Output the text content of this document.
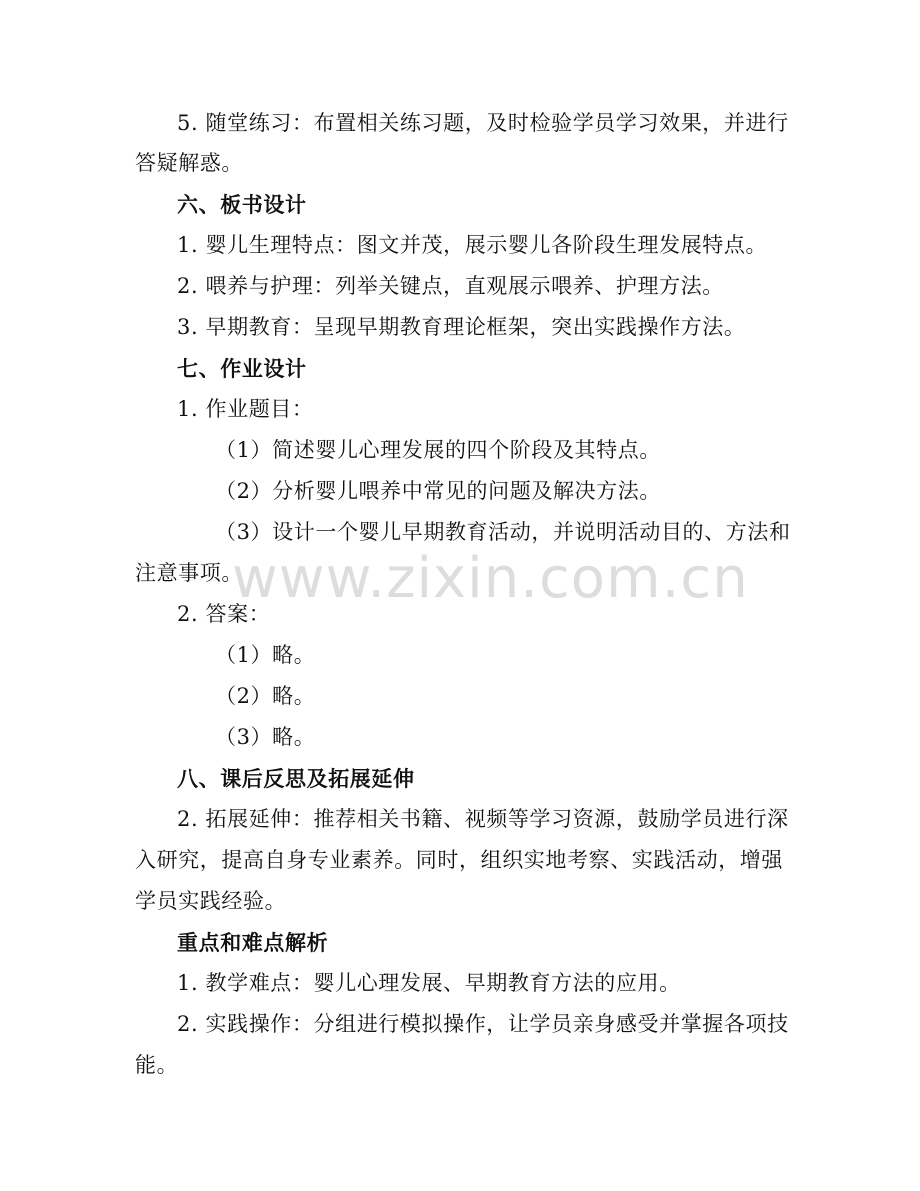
5. 随堂练习：布置相关练习题，及时检验学员学习效果，并进行
答疑解惑。
六、板书设计
1. 婴儿生理特点：图文并茂，展示婴儿各阶段生理发展特点。
2. 喂养与护理：列举关键点，直观展示喂养、护理方法。
3. 早期教育：呈现早期教育理论框架，突出实践操作方法。
七、作业设计
1. 作业题目：
（1）简述婴儿心理发展的四个阶段及其特点。
（2）分析婴儿喂养中常见的问题及解决方法。
（3）设计一个婴儿早期教育活动，并说明活动目的、方法和
注意事项。
2. 答案：
（1）略。
（2）略。
（3）略。
八、课后反思及拓展延伸
2. 拓展延伸：推荐相关书籍、视频等学习资源，鼓励学员进行深
入研究，提高自身专业素养。同时，组织实地考察、实践活动，增强
学员实践经验。
重点和难点解析
1. 教学难点：婴儿心理发展、早期教育方法的应用。
2. 实践操作：分组进行模拟操作，让学员亲身感受并掌握各项技
能。
www.zixin.com.cn
